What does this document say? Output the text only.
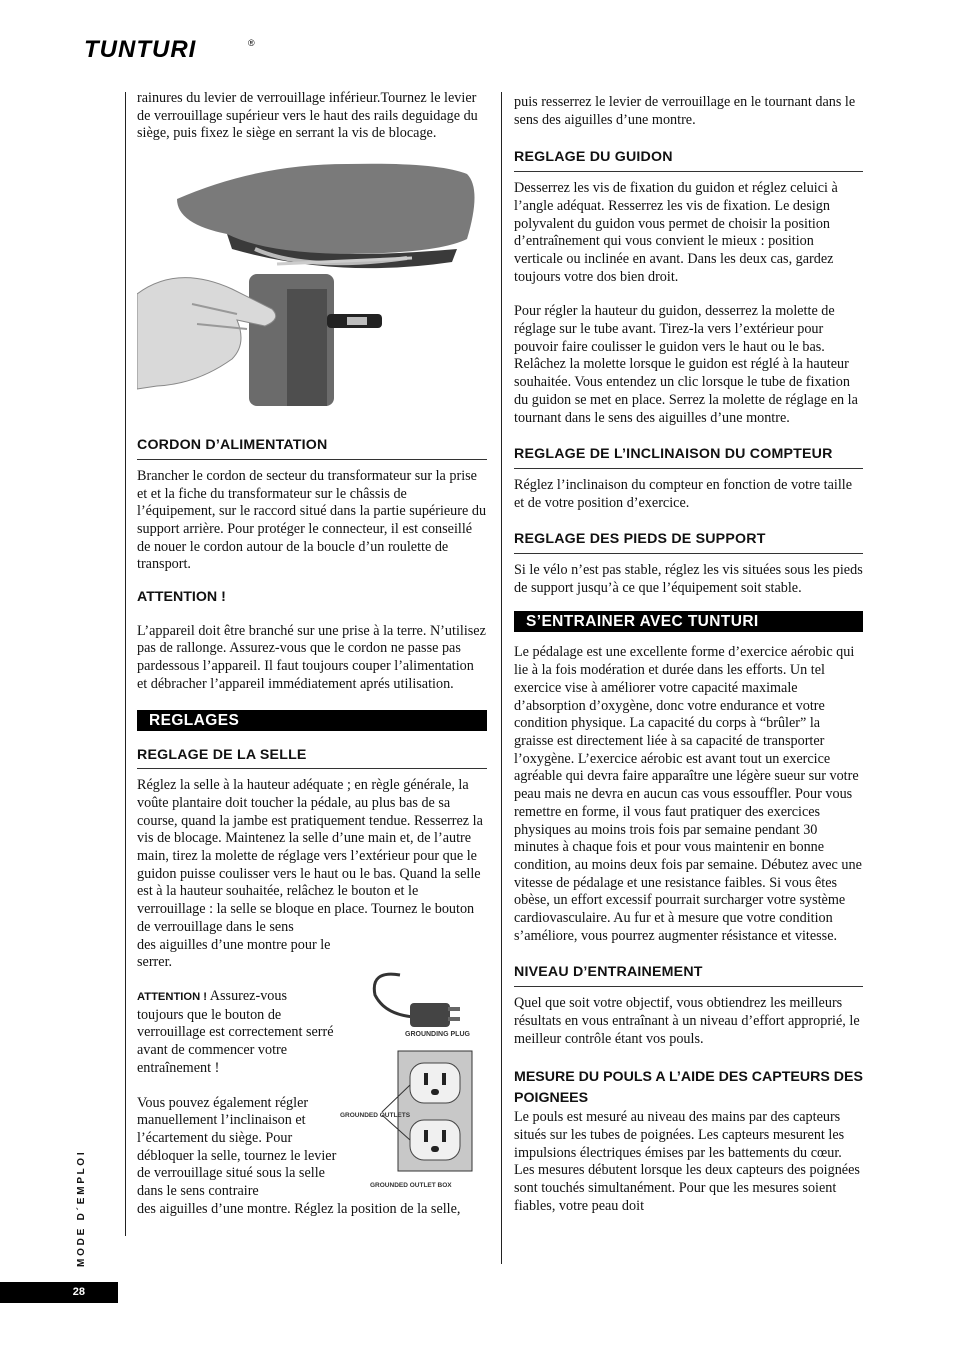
TUNTURI	®

rainures du levier de verrouillage inférieur.Tournez le levier de verrouillage supérieur vers le haut des rails deguidage du siège, puis fixez le siège en serrant la vis de blocage.

CORDON D’ALIMENTATION

Brancher le cordon de secteur du transformateur sur la prise et et la fiche du transformateur sur le châssis de l’équipement, sur le raccord situé dans la partie supérieure du support arrière. Pour protéger le connecteur, il est conseillé de nouer le cordon autour de la boucle d’un roulette de transport.

ATTENTION !

L’appareil doit être branché sur une prise à la terre. N’utilisez pas de rallonge. Assurez-vous que le cordon ne passe pas pardessous l’appareil. Il faut toujours couper l’alimentation et débracher l’appareil immédiatement aprés utilisation.

REGLAGES

REGLAGE DE LA SELLE

Réglez la selle à la hauteur adéquate ; en règle générale, la voûte plantaire doit toucher la pédale, au plus bas de sa course, quand la jambe est pratiquement tendue. Resserrez la vis de blocage. Maintenez la selle d’une main et, de l’autre main, tirez la molette de réglage vers l’extérieur pour que le guidon puisse coulisser vers le haut ou le bas. Quand la selle est à la hauteur souhaitée, relâchez le bouton et le verrouillage : la selle se bloque en place. Tournez le bouton de verrouillage dans le sens

des aiguilles d’une montre pour le serrer.

ATTENTION ! Assurez-vous toujours que le bouton de verrouillage est correctement serré avant de commencer votre entraînement !

Vous pouvez également régler manuellement l’inclinaison et l’écartement du siège. Pour débloquer la selle, tournez le levier de verrouillage situé sous la selle dans le sens contraire

des aiguilles d’une montre. Réglez la position de la selle,

GROUNDING PLUG
GROUNDED OUTLETS
GROUNDED OUTLET BOX

puis resserrez le levier de verrouillage en le tournant dans le sens des aiguilles d’une montre.

REGLAGE DU GUIDON

Desserrez les vis de fixation du guidon et réglez celuici à l’angle adéquat. Resserrez les vis de fixation. Le design polyvalent du guidon vous permet de choisir la position d’entraînement qui vous convient le mieux : position verticale ou inclinée en avant. Dans les deux cas, gardez toujours votre dos bien droit.

Pour régler la hauteur du guidon, desserrez la molette de réglage sur le tube avant. Tirez-la vers l’extérieur pour pouvoir faire coulisser le guidon vers le haut ou le bas. Relâchez la molette lorsque le guidon est réglé à la hauteur souhaitée. Vous entendez un clic lorsque le tube de fixation du guidon se met en place. Serrez la molette de réglage en la tournant dans le sens des aiguilles d’une montre.

REGLAGE DE L’INCLINAISON DU COMPTEUR

Réglez l’inclinaison du compteur en fonction de votre taille et de votre position d’exercice.

REGLAGE DES PIEDS DE SUPPORT

Si le vélo n’est pas stable, réglez les vis situées sous les pieds de support jusqu’à ce que l’équipement soit stable.

S’ENTRAINER AVEC TUNTURI

Le pédalage est une excellente forme d’exercice aérobic qui lie à la fois modération et durée dans les efforts. Un tel exercice vise à améliorer votre capacité maximale d’absorption d’oxygène, donc votre endurance et votre condition physique. La capacité du corps à “brûler” la graisse est directement liée à sa capacité de transporter l’oxygène. L’exercice aérobic est avant tout un exercice agréable qui devra faire apparaître une légère sueur sur votre peau mais ne devra en aucun cas vous essouffler. Pour vous remettre en forme, il vous faut pratiquer des exercices physiques au moins trois fois par semaine pendant 30 minutes à chaque fois et pour vous maintenir en bonne condition, au moins deux fois par semaine. Débutez avec une vitesse de pédalage et une resistance faibles. Si vous êtes obèse, un effort excessif pourrait surcharger votre système cardiovasculaire. Au fur et à mesure que votre condition s’améliore, vous pourrez augmenter résistance et vitesse.

NIVEAU D’ENTRAINEMENT

Quel que soit votre objectif, vous obtiendrez les meilleurs résultats en vous entraînant à un niveau d’effort approprié, le meilleur contrôle étant vos pouls.

MESURE DU POULS A L’AIDE DES CAPTEURS DES POIGNEES

Le pouls est mesuré au niveau des mains par des capteurs situés sur les tubes de poignées. Les capteurs mesurent les impulsions électriques émises par les battements du cœur. Les mesures débutent lorsque les deux capteurs des poignées sont touchés simultanément. Pour que les mesures soient fiables, votre peau doit

M O D E   D ´ E M P L O I
28
